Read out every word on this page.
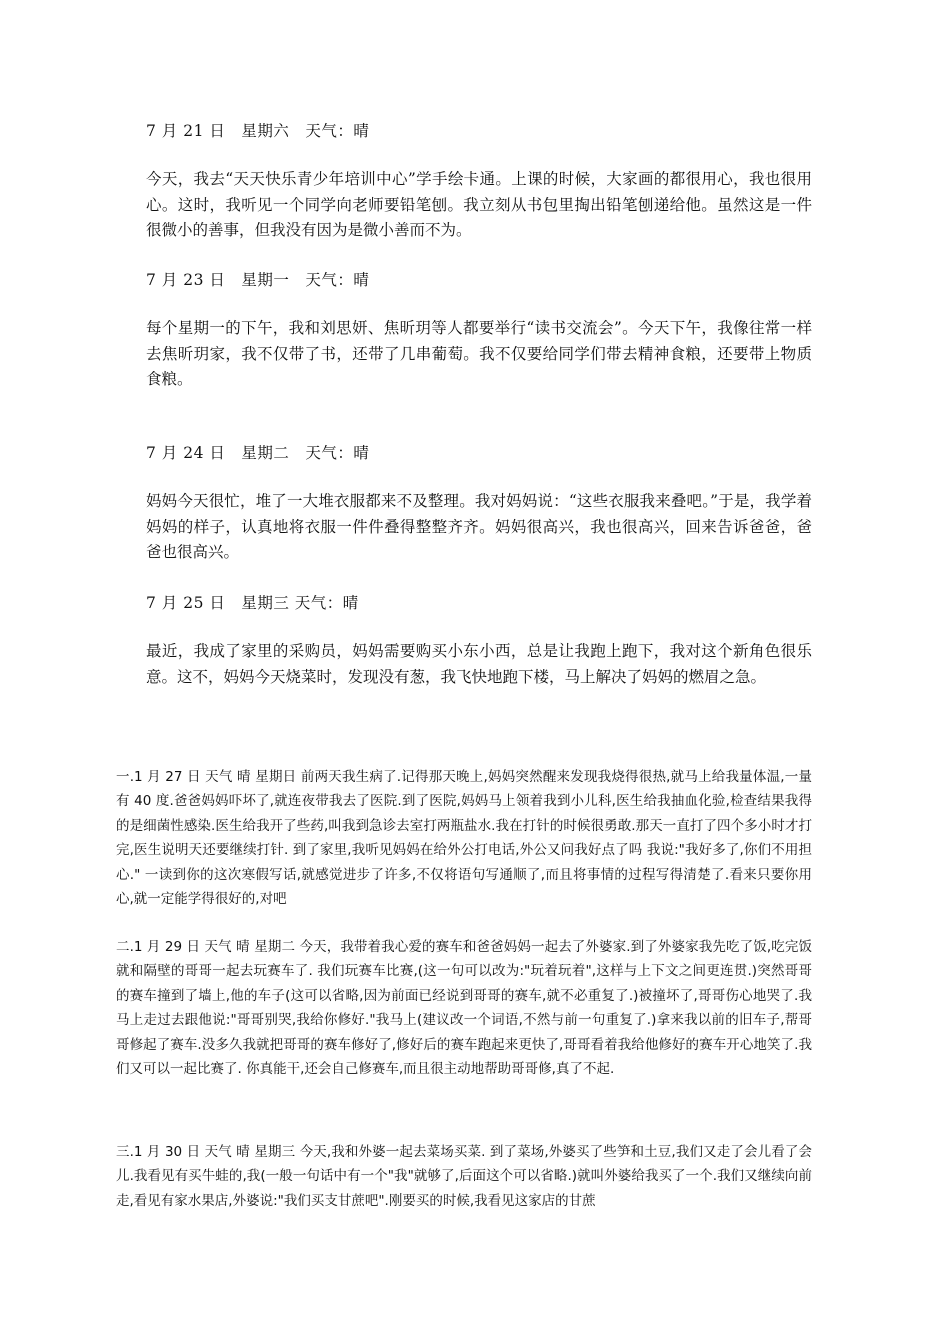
7 月 21 日　星期六　天气：晴

今天，我去“天天快乐青少年培训中心”学手绘卡通。上课的时候，大家画的都很用心，我也很用心。这时，我听见一个同学向老师要铅笔刨。我立刻从书包里掏出铅笔刨递给他。虽然这是一件很微小的善事，但我没有因为是微小善而不为。

7 月 23 日　星期一　天气：晴

每个星期一的下午，我和刘思妍、焦昕玥等人都要举行“读书交流会”。今天下午，我像往常一样去焦昕玥家，我不仅带了书，还带了几串葡萄。我不仅要给同学们带去精神食粮，还要带上物质食粮。

7 月 24 日　星期二　天气：晴

妈妈今天很忙，堆了一大堆衣服都来不及整理。我对妈妈说：“这些衣服我来叠吧。”于是，我学着妈妈的样子，认真地将衣服一件件叠得整整齐齐。妈妈很高兴，我也很高兴，回来告诉爸爸，爸爸也很高兴。

7 月 25 日　星期三 天气：晴

最近，我成了家里的采购员，妈妈需要购买小东小西，总是让我跑上跑下，我对这个新角色很乐意。这不，妈妈今天烧菜时，发现没有葱，我飞快地跑下楼，马上解决了妈妈的燃眉之急。

一.1 月 27 日 天气 晴 星期日 前两天我生病了.记得那天晚上,妈妈突然醒来发现我烧得很热,就马上给我量体温,一量有 40 度.爸爸妈妈吓坏了,就连夜带我去了医院.到了医院,妈妈马上领着我到小儿科,医生给我抽血化验,检查结果我得的是细菌性感染.医生给我开了些药,叫我到急诊去室打两瓶盐水.我在打针的时候很勇敢.那天一直打了四个多小时才打完,医生说明天还要继续打针. 到了家里,我听见妈妈在给外公打电话,外公又问我好点了吗 我说:"我好多了,你们不用担心." 一读到你的这次寒假写话,就感觉进步了许多,不仅将语句写通顺了,而且将事情的过程写得清楚了.看来只要你用心,就一定能学得很好的,对吧

二.1 月 29 日 天气 晴 星期二 今天，我带着我心爱的赛车和爸爸妈妈一起去了外婆家.到了外婆家我先吃了饭,吃完饭就和隔壁的哥哥一起去玩赛车了. 我们玩赛车比赛,(这一句可以改为:"玩着玩着",这样与上下文之间更连贯.)突然哥哥的赛车撞到了墙上,他的车子(这可以省略,因为前面已经说到哥哥的赛车,就不必重复了.)被撞坏了,哥哥伤心地哭了.我马上走过去跟他说:"哥哥别哭,我给你修好."我马上(建议改一个词语,不然与前一句重复了.)拿来我以前的旧车子,帮哥哥修起了赛车.没多久我就把哥哥的赛车修好了,修好后的赛车跑起来更快了,哥哥看着我给他修好的赛车开心地笑了.我们又可以一起比赛了. 你真能干,还会自己修赛车,而且很主动地帮助哥哥修,真了不起.

三.1 月 30 日 天气 晴 星期三 今天,我和外婆一起去菜场买菜. 到了菜场,外婆买了些笋和土豆,我们又走了会儿看了会儿.我看见有买牛蛙的,我(一般一句话中有一个"我"就够了,后面这个可以省略.)就叫外婆给我买了一个.我们又继续向前走,看见有家水果店,外婆说:"我们买支甘蔗吧".刚要买的时候,我看见这家店的甘蔗
